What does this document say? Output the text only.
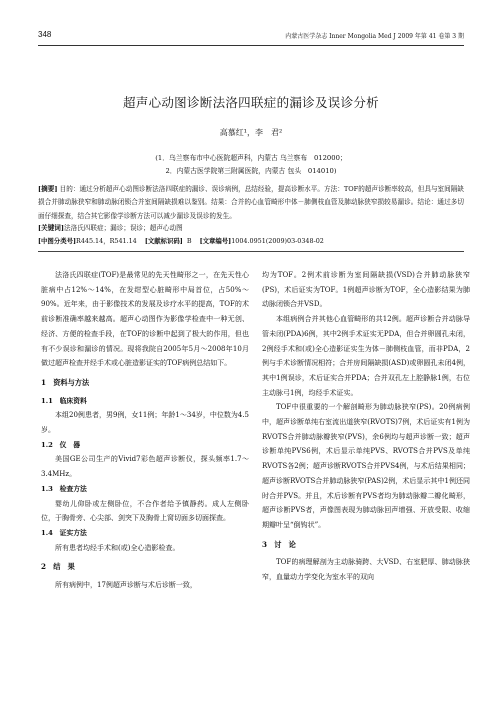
348	内蒙古医学杂志 Inner Mongolia Med J 2009 年第 41 卷第 3 期
超声心动图诊断法洛四联症的漏诊及误诊分析
高慕红¹，李　君²
(1．乌兰察布市中心医院超声科，内蒙古 乌兰察布　012000；
2．内蒙古医学院第三附属医院，内蒙古 包头　014010)
[摘要] 目的：通过分析超声心动图诊断法洛四联症的漏诊、误诊病例，总结经验，提高诊断水平。方法：TOF的超声诊断率较高，但具与室间隔缺损合并肺动脉狭窄和肺动脉闭锁合并室间隔缺损难以鉴别。结果：合并的心血管畸形中体－肺侧枝血管及肺动脉狭窄损较易漏诊。结论：通过多切面仔细探查，结合其它影像学诊断方法可以减少漏诊及误诊的发生。
[关键词]法洛氏四联症；漏诊；误诊；超声心动图
[中图分类号]R445.14，R541.14 [文献标识码] B [文章编号]1004.0951(2009)03-0348-02

法洛氏四联症(TOF)是最常见的先天性畸形之一，在先天性心脏病中占12%～14%，在发绀型心脏畸形中局首位，占50%～90%。近年来，由于影像技术的发展及诊疗水平的提高，TOF的术前诊断准确率越来越高。超声心动图作为影像学检查中一种无创、经济、方便的检查手段，在TOF的诊断中起到了极大的作用，但也有不少误诊和漏诊的情况。现将我院自2005年5月～2008年10月做过超声检查并经手术或心脏造影证实的TOF病例总结如下。

1　资料与方法
1.1　临床资料

本组20例患者，男9例，女11例；年龄1～34岁，中位数为4.5岁。

1.2　仪　器

美国GE公司生产的Vivid7彩色超声诊断仪，探头频率1.7～3.4MHz。

1.3　检查方法

婴幼儿仰卧或左侧卧位，不合作者给予镇静药。成人左侧卧位，于胸骨旁、心尖部、剑突下及胸骨上窝切面多切面探查。

1.4　证实方法

所有患者均经手术和(或)全心造影检查。

2　结　果

所有病例中，17例超声诊断与术后诊断一致，

均为TOF。2例术前诊断为室间隔缺损(VSD)合并肺动脉狭窄(PS)，术后证实为TOF。1例超声诊断为TOF，全心造影结果为肺动脉闭锁合并VSD。

本组病例合并其他心血管畸形的共12例。超声诊断合并动脉导管未闭(PDA)6例，其中2例手术证实无PDA，但合并卵圆孔未闭，2例经手术和(或)全心造影证实生为体－肺侧枝血管，而非PDA，2例与手术诊断情况相符；合并房间隔缺损(ASD)或卵圆孔未闭4例，其中1例误诊，术后证实合并PDA；合并双孔左上腔静脉1例，右位主动脉弓1例，均经手术证实。

TOF中很重要的一个解剖畸形为肺动脉狭窄(PS)。20例病例中，超声诊断单纯右室流出道狭窄(RVOTS)7例，术后证实有1例为RVOTS合并肺动脉瓣狭窄(PVS)，余6例均与超声诊断一致；超声诊断单纯PVS6例，术后显示单纯PVS、RVOTS合并PVS及单纯RVOTS各2例；超声诊断RVOTS合并PVS4例，与术后结果相同；超声诊断RVOTS合并肺动脉狭窄(PAS)2例，术后显示其中1例还同时合并PVS。并且，术后诊断有PVS者均为肺动脉瓣二瓣化畸形，超声诊断PVS者，声像图表现为肺动脉回声增强、开放受限、收缩期瓣叶呈“倒钩状”。

3　讨　论

TOF的病理解剖为主动脉骑跨、大VSD、右室肥厚、肺动脉狭窄，血量动力学变化为室水平的双向
